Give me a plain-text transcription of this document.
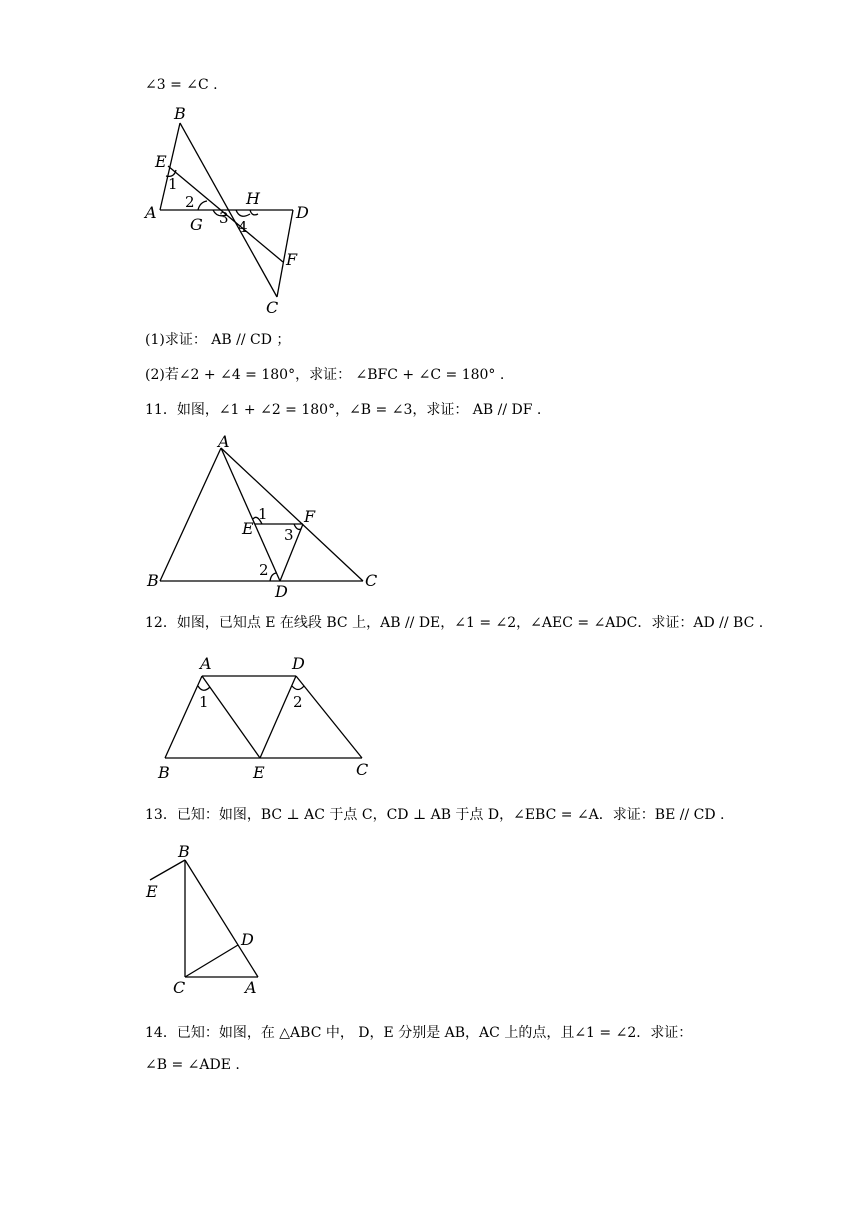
∠3 = ∠C .

B
E
1
A
2
G 3
H
4
D
F
C

(1)求证： AB // CD ；

(2)若∠2 + ∠4 = 180°，求证： ∠BFC + ∠C = 180° .

11．如图，∠1 + ∠2 = 180°，∠B = ∠3，求证： AB // DF .

A
1 F
E 3
2
B
D
C

12．如图，已知点 E 在线段 BC 上，AB // DE，∠1 = ∠2，∠AEC = ∠ADC．求证：AD // BC .

A	D
1	2
B	E	C

13．已知：如图，BC ⊥ AC 于点 C，CD ⊥ AB 于点 D，∠EBC = ∠A．求证：BE // CD .

B
E
D
C	A

14．已知：如图，在 △ABC 中， D，E 分别是 AB，AC 上的点，且∠1 = ∠2．求证：

∠B = ∠ADE .
